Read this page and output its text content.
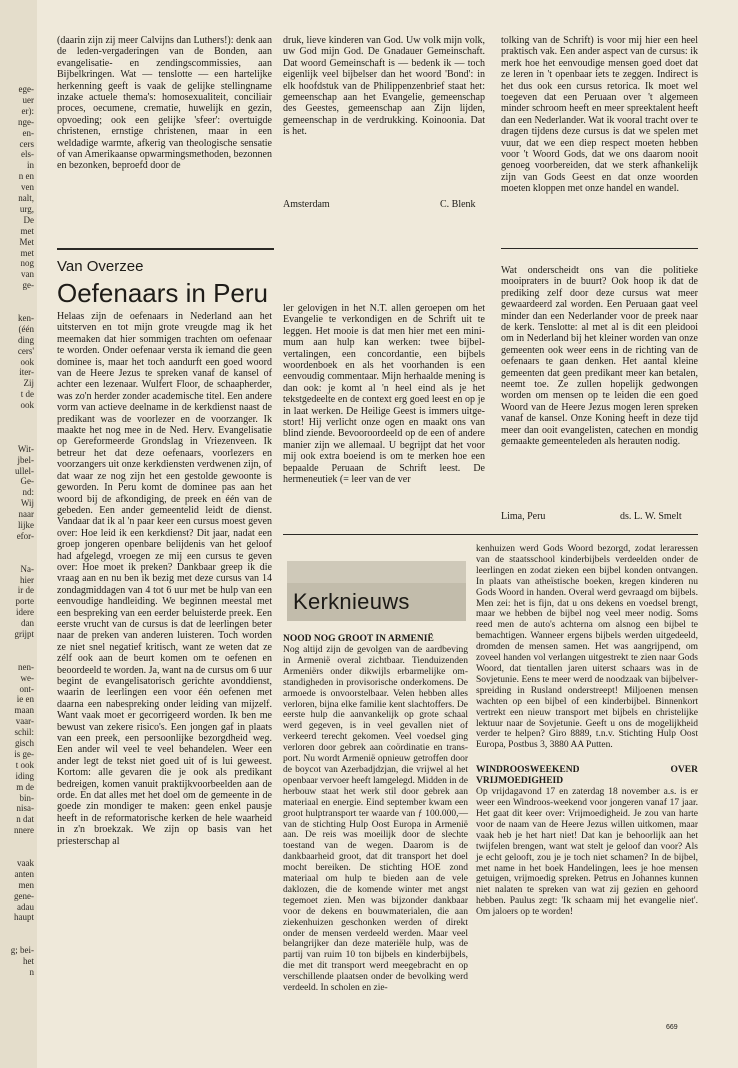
ege-
uer
er):
nge-
en-
cers
els-
in
n en
ven
nalt,
urg,
De
met
Met
met
nog
van
ge-
ken-
(één
ding
cers'
ook
iter-
Zij
t de
ook
Wit-
jbel-
ullel-
Ge-
nd:
Wij
naar
lijke
efor-
Na-
hier
ir de
porte
idere
dan
grijpt
nen-
we-
ont-
ie en
maan
vaar-
schil:
gisch
is ge-
t ook
iding
m de
bin-
nisa-
n dat
nnere
vaak
anten
men
gene-
adau
haupt
g; bei-
het
n
(daarin zijn zij meer Calvijns dan Luthers!): denk aan de leden-vergaderingen van de Bonden, aan evangelisatie- en zendingscommissies, aan Bijbelkringen. Wat — tenslotte — een hartelijke herkenning geeft is vaak de gelijke stellingname inzake actuele thema's: homosexualiteit, conciliair proces, oecumene, crematie, huwelijk en gezin, opvoeding; ook een gelijke 'sfeer': overtuigde christenen, ernstige christenen, maar in een weldadige warmte, afkerig van theologische sensatie of van Amerikaanse opwarmingsmethoden, bezonnen en bezonken, beproefd door de
druk, lieve kinderen van God. Uw volk mijn volk, uw God mijn God. De Gnadauer Gemeinschaft. Dat woord Gemeinschaft is — bedenk ik — toch eigenlijk veel bijbelser dan het woord 'Bond': in elk hoofdstuk van de Philippenzenbrief staat het: gemeenschap aan het Evangelie, gemeenschap des Geestes, gemeenschap aan Zijn lijden, gemeenschap in de verdrukking. Koinoonia. Dat is het.
Amsterdam	C. Blenk
tolking van de Schrift) is voor mij hier een heel praktisch vak. Een ander aspect van de cursus: ik merk hoe het eenvoudige mensen goed doet dat ze leren in 't openbaar iets te zeggen. Indirect is het dus ook een cursus retorica. Ik moet wel toegeven dat een Peruaan over 't algemeen minder schroom heeft en meer spreektalent heeft dan een Nederlander. Wat ik vooral tracht over te dragen tijdens deze cursus is dat we spelen met vuur, dat we een diep respect moeten hebben voor 't Woord Gods, dat we ons daarom nooit genoeg voorbereiden, dat we sterk afhankelijk zijn van Gods Geest en dat onze woorden moeten kloppen met onze handel en wandel.
Van Overzee
Oefenaars in Peru
Helaas zijn de oefenaars in Nederland aan het uitsterven en tot mijn grote vreugde mag ik het meemaken dat hier sommigen trachten om oefenaar te worden. Onder oefenaar versta ik iemand die geen dominee is, maar het toch aandurft een goed woord van de Heere Jezus te spreken vanaf de kansel of achter een lezenaar. Wulfert Floor, de schaapherder, was zo'n herder zonder academische titel. Een andere vorm van actieve deelname in de kerkdienst naast de predikant was de voorlezer en de voorzanger. Ik maakte het nog mee in de Ned. Herv. Evangelisatie op Gereformeerde Grondslag in Vriezenveen. Ik betreur het dat deze oefenaars, voorlezers en voorzangers uit onze kerkdiensten verdwenen zijn, of dat waar ze nog zijn het een gestolde gewoonte is geworden. In Peru komt de dominee pas aan het woord bij de afkondiging, de preek en één van de gebeden. Een ander gemeentelid leidt de dienst. Vandaar dat ik al 'n paar keer een cursus moest geven over: Hoe leid ik een kerkdienst? Dit jaar, nadat een groep jongeren openbare belijdenis van het geloof had afgelegd, vroegen ze mij een cursus te geven over: Hoe moet ik preken? Dankbaar greep ik die vraag aan en nu ben ik bezig met deze cursus van 14 zondagmiddagen van 4 tot 6 uur met be hulp van een eenvoudige handleiding. We beginnen meestal met een bespreking van een eerder beluisterde preek. Een eerste vrucht van de cursus is dat de leerlingen beter naar de preken van anderen luisteren. Toch worden ze niet snel negatief kritisch, want ze weten dat ze zélf ook aan de beurt komen om te oefenen en beoordeeld te worden. Ja, want na de cursus om 6 uur begint de evangelisatorisch gerichte avonddienst, waarin de leerlingen een voor één oefenen met daarna een nabespreking onder leiding van mijzelf. Want vaak moet er gecorrigeerd worden. Ik ben me bewust van zekere risico's. Een jongen gaf in plaats van een preek, een persoonlijke bezorgdheid weg. Een ander wil veel te veel behandelen. Weer een ander legt de tekst niet goed uit of is lui geweest. Kortom: alle gevaren die je ook als predikant bedreigen, komen vanuit praktijkvoorbeelden aan de orde. En dat alles met het doel om de gemeente in de goede zin mondiger te maken: geen enkel pausje heeft in de reformatorische kerken de hele waarheid in z'n broekzak. We zijn op basis van het priesterschap al
ler gelovigen in het N.T. allen geroepen om het Evangelie te verkondigen en de Schrift uit te leggen. Het mooie is dat men hier met een minimum aan hulp kan werken: twee bijbelvertalingen, een concordantie, een bijbels woordenboek en als het voorhanden is een eenvoudig commentaar. Mijn herhaalde mening is dan ook: je komt al 'n heel eind als je het tekstgedeelte en de context erg goed leest en op je in laat werken. De Heilige Geest is immers uitgestort! Hij verlicht onze ogen en maakt ons van blind ziende. Bevooroordeeld op de een of andere manier zijn we allemaal. U begrijpt dat het voor mij ook extra boeiend is om te merken hoe een bepaalde Peruaan de Schrift leest. De hermeneutiek (= leer van de ver
Wat onderscheidt ons van die politieke mooipraters in de buurt? Ook hoop ik dat de prediking zelf door deze cursus wat meer gewaardeerd zal worden. Een Peruaan gaat veel minder dan een Nederlander voor de preek naar de kerk. Tenslotte: al met al is dit een pleidooi om in Nederland bij het kleiner worden van onze gemeenten ook weer eens in de richting van de oefenaars te gaan denken. Het aantal kleine gemeenten dat geen predikant meer kan betalen, neemt toe. Ze zullen hopelijk gedwongen worden om mensen op te leiden die een goed Woord van de Heere Jezus mogen leren spreken vanaf de kansel. Onze Koning heeft in deze tijd meer dan ooit evangelisten, catechen en mondig gemaakte gemeenteleden als herauten nodig.
Lima, Peru	ds. L. W. Smelt
Kerknieuws

NOOD NOG GROOT IN ARMENIË

Nog altijd zijn de gevolgen van de aardbeving in Armenië overal zichtbaar. Tienduizenden Armeniërs onder dikwijls erbarmelijke omstandigheden in provisorische onderkomens. De armoede is onvoorstelbaar. Velen hebben alles verloren, bijna elke familie kent slachtoffers. De eerste hulp die aanvankelijk op grote schaal werd gegeven, is in veel gevallen niet of verkeerd terecht gekomen. Veel voedsel ging verloren door gebrek aan coördinatie en transport. Nu wordt Armenië opnieuw getroffen door de boycot van Azerbadjdzjan, die vrijwel al het openbaar vervoer heeft lamgelegd. Midden in de herbouw staat het werk stil door gebrek aan materiaal en energie. Eind september kwam een groot hulptransport ter waarde van ƒ 100.000,— van de stichting Hulp Oost Europa in Armenië aan. De reis was moeilijk door de slechte toestand van de wegen. Daarom is de dankbaarheid groot, dat dit transport het doel mocht bereiken. De stichting HOE zond materiaal om hulp te bieden aan de vele daklozen, die de komende winter met angst tegemoet zien. Men was bijzonder dankbaar voor de dekens en bouwmaterialen, die aan ziekenhuizen geschonken werden of direkt onder de mensen verdeeld werden. Maar veel belangrijker dan deze materiële hulp, was de partij van ruim 10 ton bijbels en kinderbijbels, die met dit transport werd meegebracht en op verschillende plaatsen onder de bevolking werd verdeeld. In scholen en zie-

kenhuizen werd Gods Woord bezorgd, zodat leraressen van de staatsschool kinderbijbels verdeelden onder de leerlingen en zodat zieken een bijbel konden ontvangen. In plaats van atheïstische boeken, kregen kinderen nu Gods Woord in handen. Overal werd gevraagd om bijbels. Men zei: het is fijn, dat u ons dekens en voedsel brengt, maar we hebben de bijbel nog veel meer nodig. Soms reed men de auto's achterna om alsnog een bijbel te bemachtigen. Wanneer ergens bijbels werden uitgedeeld, dromden de mensen samen. Het was aangrijpend, om zoveel handen vol verlangen uitgestrekt te zien naar Gods Woord, dat tientallen jaren uiterst schaars was in de Sovjetunie. Eens te meer werd de noodzaak van bijbelverspreiding in Rusland onderstreept! Miljoenen mensen wachten op een bijbel of een kinderbijbel. Binnenkort vertrekt een nieuw transport met bijbels en christelijke lektuur naar de Sovjetunie. Geeft u ons de mogelijkheid verder te helpen? Giro 8889, t.n.v. Stichting Hulp Oost Europa, Postbus 3, 3880 AA Putten.

WINDROOSWEEKEND OVER VRIJMOEDIGHEID

Op vrijdagavond 17 en zaterdag 18 november a.s. is er weer een Windroos-weekend voor jongeren vanaf 17 jaar. Het gaat dit keer over: Vrijmoedigheid. Je zou van harte voor de naam van de Heere Jezus willen uitkomen, maar vaak heb je het hart niet! Dat kan je behoorlijk aan het twijfelen brengen, want wat stelt je geloof dan voor? Als je echt gelooft, zou je je toch niet schamen? In de bijbel, met name in het boek Handelingen, lees je hoe mensen getuigen, vrijmoedig spreken. Petrus en Johannes kunnen niet nalaten te spreken van wat zij gezien en gehoord hebben. Paulus zegt: 'Ik schaam mij het evangelie niet'. Om jaloers op te worden!

669
